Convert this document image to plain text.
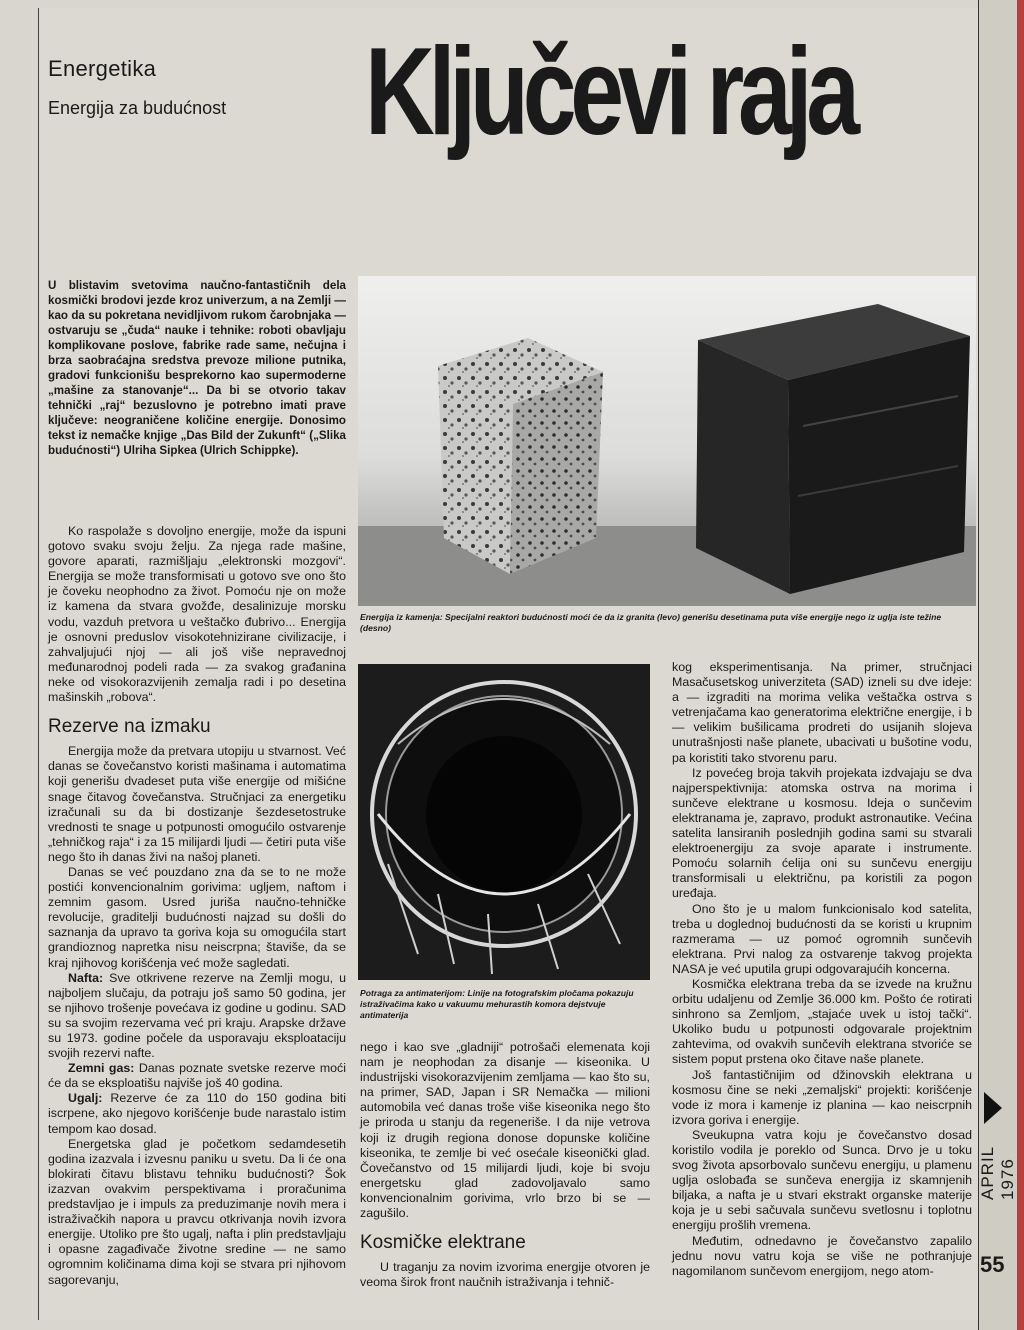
Energetika
Energija za budućnost Ključevi raja
U blistavim svetovima naučno-fantastičnih dela kosmički brodovi jezde kroz univerzum, a na Zemlji — kao da su pokretana nevidljivom rukom čarobnjaka — ostvaruju se „čuda“ nauke i tehnike: roboti obavljaju komplikovane poslove, fabrike rade same, nečujna i brza saobraćajna sredstva prevoze milione putnika, gradovi funkcionišu besprekorno kao supermoderne „mašine za stanovanje“... Da bi se otvorio takav tehnički „raj“ bezuslovno je potrebno imati prave ključeve: neograničene količine energije. Donosimo tekst iz nemačke knjige „Das Bild der Zukunft“ („Slika budućnosti“) Ulriha Sipkea (Ulrich Schippke).
Energija iz kamenja: Specijalni reaktori budućnosti moći će da iz granita (levo) generišu desetinama puta više energije nego iz uglja iste težine (desno)
Potraga za antimaterijom: Linije na fotografskim pločama pokazuju istraživačima kako u vakuumu mehurastih komora dejstvuje antimaterija

Ko raspolaže s dovoljno energije, može da ispuni gotovo svaku svoju želju. Za njega rade mašine, govore aparati, razmišljaju „elektronski mozgovi“. Energija se može transformisati u gotovo sve ono što je čoveku neophodno za život. Pomoću nje on može iz kamena da stvara gvožđe, desalinizuje morsku vodu, vazduh pretvora u veštačko đubrivo... Energija je osnovni preduslov visokotehnizirane civilizacije, i zahvaljujući njoj — ali još više nepravednoj međunarodnoj podeli rada — za svakog građanina neke od visokorazvijenih zemalja radi i po desetina mašinskih „robova“.

Rezerve na izmaku

Energija može da pretvara utopiju u stvarnost. Već danas se čovečanstvo koristi mašinama i automatima koji generišu dvadeset puta više energije od mišićne snage čitavog čovečanstva. Stručnjaci za energetiku izračunali su da bi dostizanje šezdesetostruke vrednosti te snage u potpunosti omogućilo ostvarenje „tehničkog raja“ i za 15 milijardi ljudi — četiri puta više nego što ih danas živi na našoj planeti.

Danas se već pouzdano zna da se to ne može postići konvencionalnim gorivima: ugljem, naftom i zemnim gasom. Usred juriša naučno-tehničke revolucije, graditelji budućnosti najzad su došli do saznanja da upravo ta goriva koja su omogućila start grandioznog napretka nisu neiscrpna; štaviše, da se kraj njihovog korišćenja već može sagledati.

Nafta: Sve otkrivene rezerve na Zemlji mogu, u najboljem slučaju, da potraju još samo 50 godina, jer se njihovo trošenje povećava iz godine u godinu. SAD su sa svojim rezervama već pri kraju. Arapske države su 1973. godine počele da usporavaju eksploataciju svojih rezervi nafte.

Zemni gas: Danas poznate svetske rezerve moći će da se eksploatišu najviše još 40 godina.

Ugalj: Rezerve će za 110 do 150 godina biti iscrpene, ako njegovo korišćenje bude narastalo istim tempom kao dosad.

Energetska glad je početkom sedamdesetih godina izazvala i izvesnu paniku u svetu. Da li će ona blokirati čitavu blistavu tehniku budućnosti? Šok izazvan ovakvim perspektivama i proračunima predstavljao je i impuls za preduzimanje novih mera i istraživačkih napora u pravcu otkrivanja novih izvora energije. Utoliko pre što ugalj, nafta i plin predstavljaju i opasne zagađivače životne sredine — ne samo ogromnim količinama dima koji se stvara pri njihovom sagorevanju,

nego i kao sve „gladniji“ potrošači elemenata koji nam je neophodan za disanje — kiseonika. U industrijski visokorazvijenim zemljama — kao što su, na primer, SAD, Japan i SR Nemačka — milioni automobila već danas troše više kiseonika nego što je priroda u stanju da regeneriše. I da nije vetrova koji iz drugih regiona donose dopunske količine kiseonika, te zemlje bi već osećale kiseonički glad. Čovečanstvo od 15 milijardi ljudi, koje bi svoju energetsku glad zadovoljavalo samo konvencionalnim gorivima, vrlo brzo bi se — zagušilo.

Kosmičke elektrane

U traganju za novim izvorima energije otvoren je veoma širok front naučnih istraživanja i tehnič-

kog eksperimentisanja. Na primer, stručnjaci Masačusetskog univerziteta (SAD) izneli su dve ideje: a — izgraditi na morima velika veštačka ostrva s vetrenjačama kao generatorima električne energije, i b — velikim bušilicama prodreti do usijanih slojeva unutrašnjosti naše planete, ubacivati u bušotine vodu, pa koristiti tako stvorenu paru.

Iz povećeg broja takvih projekata izdvajaju se dva najperspektivnija: atomska ostrva na morima i sunčeve elektrane u kosmosu. Ideja o sunčevim elektranama je, zapravo, produkt astronautike. Većina satelita lansiranih poslednjih godina sami su stvarali elektroenergiju za svoje aparate i instrumente. Pomoću solarnih ćelija oni su sunčevu energiju transformisali u električnu, pa koristili za pogon uređaja.

Ono što je u malom funkcionisalo kod satelita, treba u doglednoj budućnosti da se koristi u krupnim razmerama — uz pomoć ogromnih sunčevih elektrana. Prvi nalog za ostvarenje takvog projekta NASA je već uputila grupi odgovarajućih koncerna.

Kosmička elektrana treba da se izvede na kružnu orbitu udaljenu od Zemlje 36.000 km. Pošto će rotirati sinhrono sa Zemljom, „stajaće uvek u istoj tački“. Ukoliko budu u potpunosti odgovarale projektnim zahtevima, od ovakvih sunčevih elektrana stvoriće se sistem poput prstena oko čitave naše planete.

Još fantastičnijim od džinovskih elektrana u kosmosu čine se neki „zemaljski“ projekti: korišćenje vode iz mora i kamenje iz planina — kao neiscrpnih izvora goriva i energije.

Sveukupna vatra koju je čovečanstvo dosad koristilo vodila je poreklo od Sunca. Drvo je u toku svog života apsorbovalo sunčevu energiju, u plamenu uglja oslobađa se sunčeva energija iz skamnjenih biljaka, a nafta je u stvari ekstrakt organske materije koja je u sebi sačuvala sunčevu svetlosnu i toplotnu energiju prošlih vremena.

Međutim, odnedavno je čovečanstvo zapalilo jednu novu vatru koja se više ne pothranjuje nagomilanom sunčevom energijom, nego atom-

APRIL 1976
55
